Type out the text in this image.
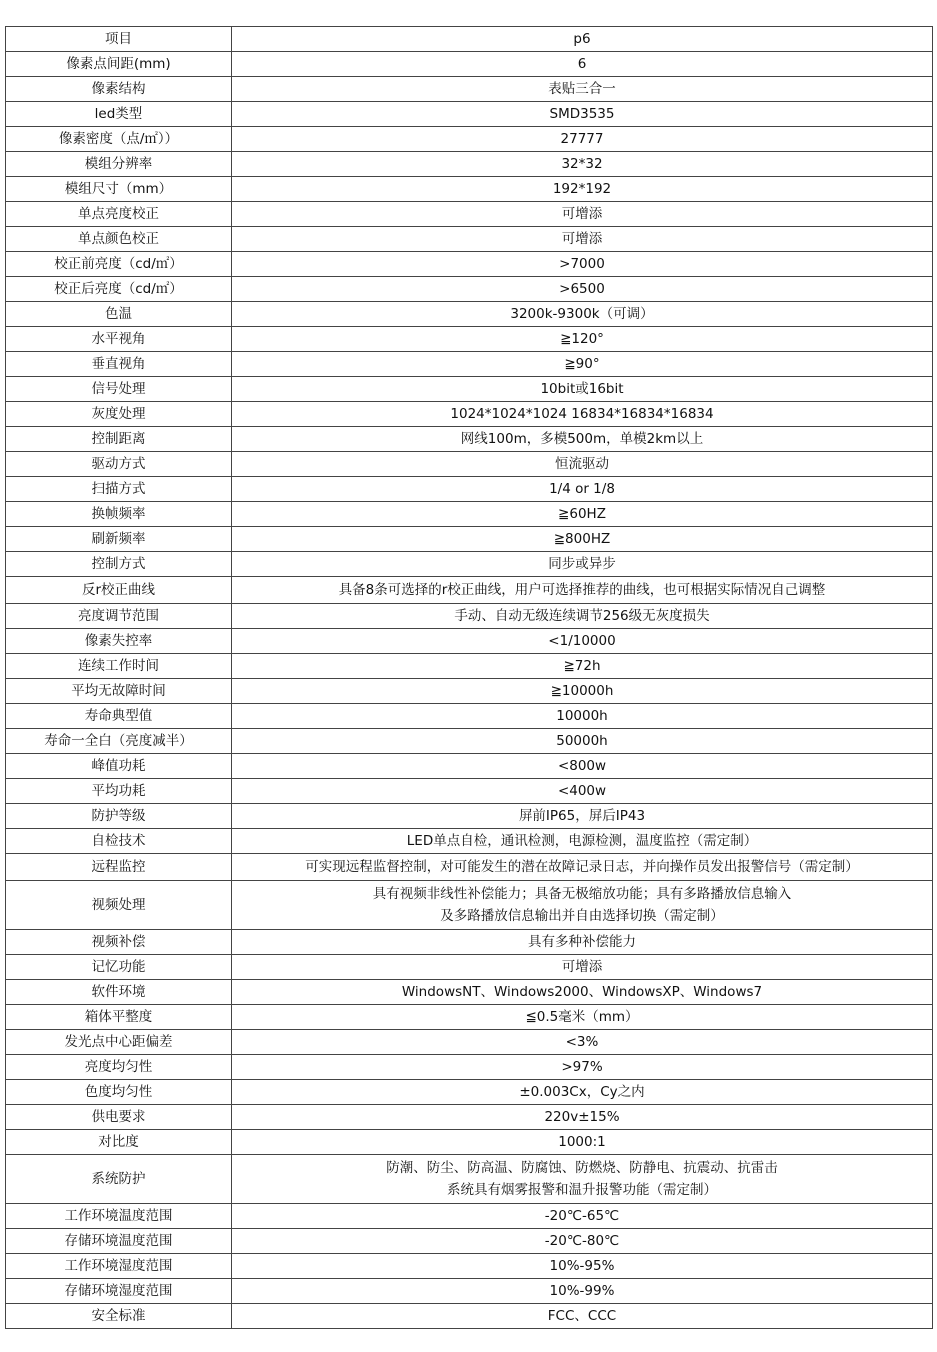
项目	p6
像素点间距(mm)	6
像素结构	表贴三合一
led类型	SMD3535
像素密度（点/㎡））	27777
模组分辨率	32*32
模组尺寸（mm）	192*192
单点亮度校正	可增添
单点颜色校正	可增添
校正前亮度（cd/㎡）	>7000
校正后亮度（cd/㎡）	>6500
色温	3200k-9300k（可调）
水平视角	≧120°
垂直视角	≧90°
信号处理	10bit或16bit
灰度处理	1024*1024*1024 16834*16834*16834
控制距离	网线100m，多模500m，单模2km以上
驱动方式	恒流驱动
扫描方式	1/4 or 1/8
换帧频率	≧60HZ
刷新频率	≧800HZ
控制方式	同步或异步
反r校正曲线	具备8条可选择的r校正曲线，用户可选择推荐的曲线，也可根据实际情况自己调整
亮度调节范围	手动、自动无级连续调节256级无灰度损失
像素失控率	<1/10000
连续工作时间	≧72h
平均无故障时间	≧10000h
寿命典型值	10000h
寿命一全白（亮度减半）	50000h
峰值功耗	<800w
平均功耗	<400w
防护等级	屏前IP65，屏后IP43
自检技术	LED单点自检，通讯检测，电源检测，温度监控（需定制）
远程监控	可实现远程监督控制，对可能发生的潜在故障记录日志，并向操作员发出报警信号（需定制）
视频处理	具有视频非线性补偿能力；具备无极缩放功能；具有多路播放信息输入
及多路播放信息输出并自由选择切换（需定制）

视频补偿	具有多种补偿能力
记忆功能	可增添
软件环境	WindowsNT、Windows2000、WindowsXP、Windows7
箱体平整度	≦0.5毫米（mm）
发光点中心距偏差	<3%
亮度均匀性	>97%
色度均匀性	±0.003Cx，Cy之内
供电要求	220v±15%
对比度	1000:1
系统防护	防潮、防尘、防高温、防腐蚀、防燃烧、防静电、抗震动、抗雷击
系统具有烟雾报警和温升报警功能（需定制）

工作环境温度范围	-20℃-65℃
存储环境温度范围	-20℃-80℃
工作环境湿度范围	10%-95%
存储环境湿度范围	10%-99%
安全标准	FCC、CCC
